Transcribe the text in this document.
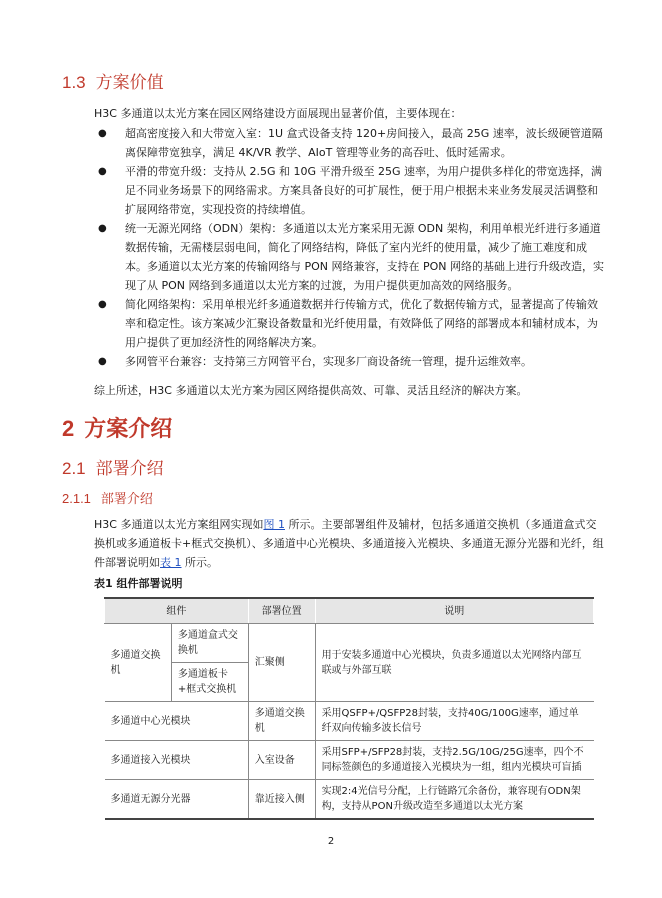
1.3 方案价值

H3C 多通道以太光方案在园区网络建设方面展现出显著价值，主要体现在：

● 超高密度接入和大带宽入室：1U 盒式设备支持 120+房间接入，最高 25G 速率，波长级硬管道隔离保障带宽独享，满足 4K/VR 教学、AIoT 管理等业务的高吞吐、低时延需求。
● 平滑的带宽升级：支持从 2.5G 和 10G 平滑升级至 25G 速率，为用户提供多样化的带宽选择，满足不同业务场景下的网络需求。方案具备良好的可扩展性，便于用户根据未来业务发展灵活调整和扩展网络带宽，实现投资的持续增值。
● 统一无源光网络（ODN）架构：多通道以太光方案采用无源 ODN 架构，利用单根光纤进行多通道数据传输，无需楼层弱电间，简化了网络结构，降低了室内光纤的使用量，减少了施工难度和成本。多通道以太光方案的传输网络与 PON 网络兼容，支持在 PON 网络的基础上进行升级改造，实现了从 PON 网络到多通道以太光方案的过渡，为用户提供更加高效的网络服务。
● 简化网络架构：采用单根光纤多通道数据并行传输方式，优化了数据传输方式，显著提高了传输效率和稳定性。该方案减少汇聚设备数量和光纤使用量，有效降低了网络的部署成本和辅材成本，为用户提供了更加经济性的网络解决方案。
● 多网管平台兼容：支持第三方网管平台，实现多厂商设备统一管理，提升运维效率。

综上所述，H3C 多通道以太光方案为园区网络提供高效、可靠、灵活且经济的解决方案。

2 方案介绍
2.1 部署介绍
2.1.1 部署介绍

H3C 多通道以太光方案组网实现如图 1 所示。主要部署组件及辅材，包括多通道交换机（多通道盒式交换机或多通道板卡+框式交换机）、多通道中心光模块、多通道接入光模块、多通道无源分光器和光纤，组件部署说明如表 1 所示。

表1 组件部署说明

组件		部署位置	说明
多通道交换机	多通道盒式交换机	汇聚侧	用于安装多通道中心光模块，负责多通道以太光网络内部互联或与外部互联
	多通道板卡+框式交换机		
多通道中心光模块		多通道交换机	采用QSFP+/QSFP28封装，支持40G/100G速率，通过单纤双向传输多波长信号
多通道接入光模块		入室设备	采用SFP+/SFP28封装，支持2.5G/10G/25G速率，四个不同标签颜色的多通道接入光模块为一组，组内光模块可盲插
多通道无源分光器		靠近接入侧	实现2:4光信号分配，上行链路冗余备份，兼容现有ODN架构，支持从PON升级改造至多通道以太光方案

2
